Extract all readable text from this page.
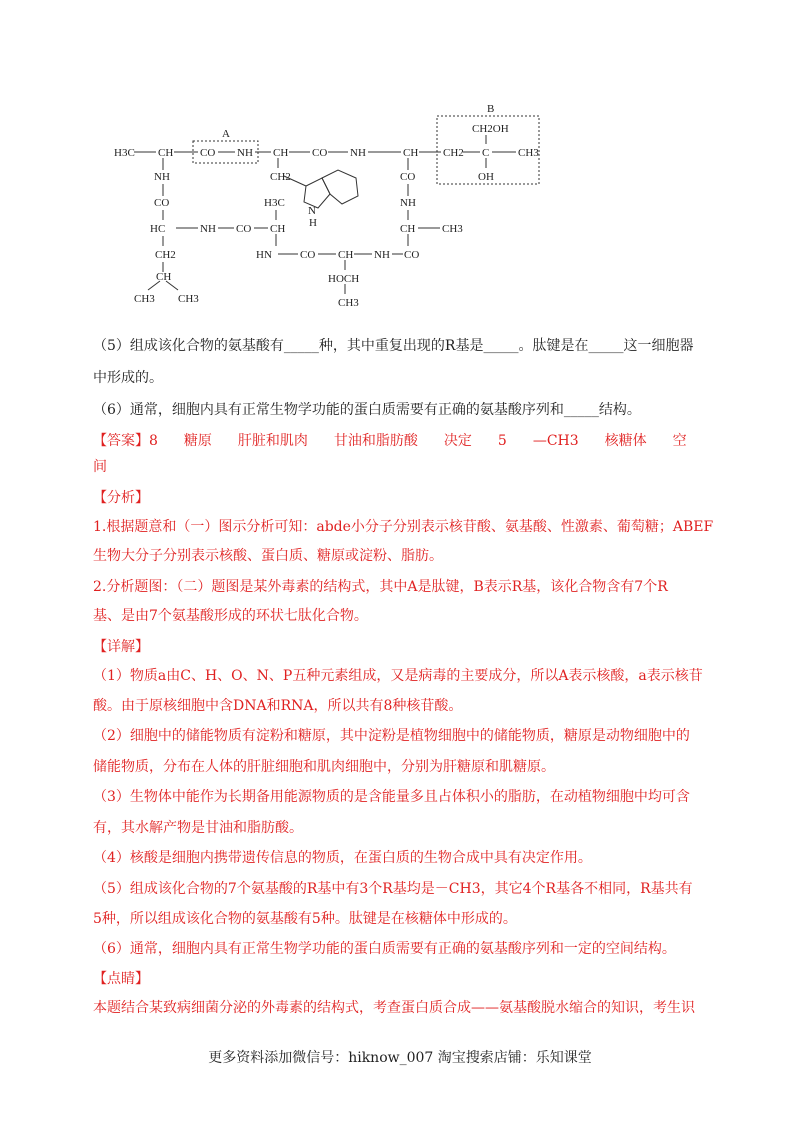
A
B
H3C CH CO NH CH CO NH	CH CH2 C	CH3
CH2OH
OH
CH2
N
H
NH
CO
HC
CH2
CH
CH3 CH3
NH CO CH
H3C
CO
NH
CH CH3
HN	CO CH NH CO
HOCH
CH3
（5）组成该化合物的氨基酸有_____种，其中重复出现的R基是_____。肽键是在_____这一细胞器
中形成的。
（6）通常，细胞内具有正常生物学功能的蛋白质需要有正确的氨基酸序列和_____结构。
【答案】8 糖原 肝脏和肌肉 甘油和脂肪酸 决定 5 —CH3 核糖体 空
间
【分析】
1.根据题意和（一）图示分析可知：abde小分子分别表示核苷酸、氨基酸、性激素、葡萄糖；ABEF
生物大分子分别表示核酸、蛋白质、糖原或淀粉、脂肪。
2.分析题图：（二）题图是某外毒素的结构式，其中A是肽键，B表示R基，该化合物含有7个R
基、是由7个氨基酸形成的环状七肽化合物。
【详解】
（1）物质a由C、H、O、N、P五种元素组成，又是病毒的主要成分，所以A表示核酸，a表示核苷
酸。由于原核细胞中含DNA和RNA，所以共有8种核苷酸。
（2）细胞中的储能物质有淀粉和糖原，其中淀粉是植物细胞中的储能物质，糖原是动物细胞中的
储能物质，分布在人体的肝脏细胞和肌肉细胞中，分别为肝糖原和肌糖原。
（3）生物体中能作为长期备用能源物质的是含能量多且占体积小的脂肪，在动植物细胞中均可含
有，其水解产物是甘油和脂肪酸。
（4）核酸是细胞内携带遗传信息的物质，在蛋白质的生物合成中具有决定作用。
（5）组成该化合物的7个氨基酸的R基中有3个R基均是－CH3，其它4个R基各不相同，R基共有
5种，所以组成该化合物的氨基酸有5种。肽键是在核糖体中形成的。
（6）通常，细胞内具有正常生物学功能的蛋白质需要有正确的氨基酸序列和一定的空间结构。
【点睛】
本题结合某致病细菌分泌的外毒素的结构式，考查蛋白质合成——氨基酸脱水缩合的知识，考生识
更多资料添加微信号：hiknow_007 淘宝搜索店铺：乐知课堂
